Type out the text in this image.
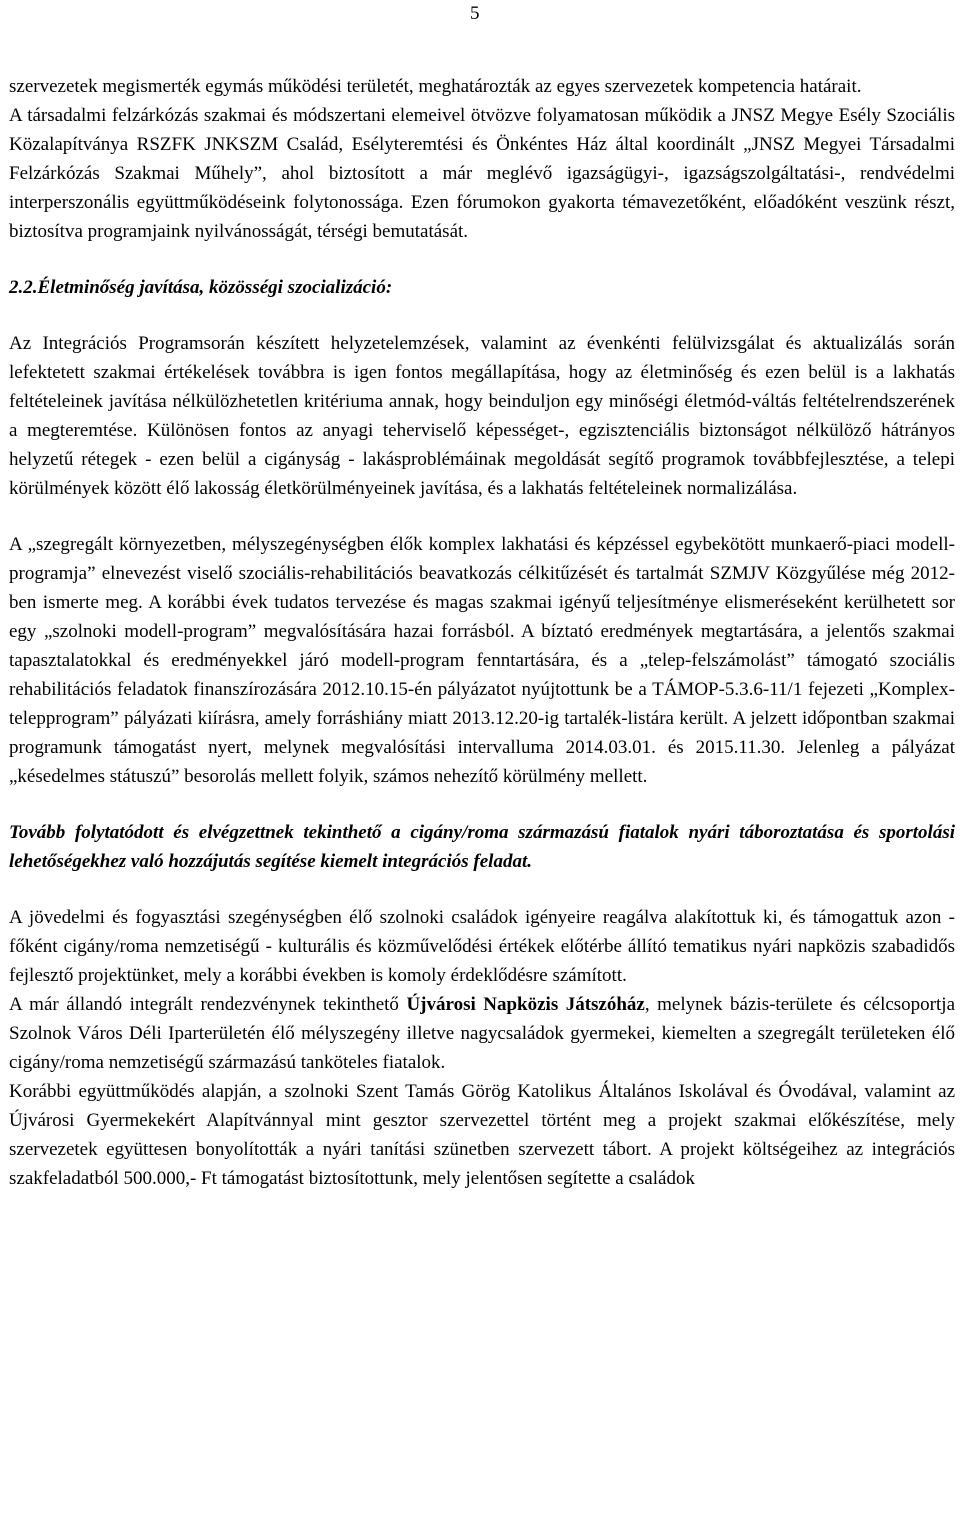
5

szervezetek megismerték egymás működési területét, meghatározták az egyes szervezetek kompetencia határait.

A társadalmi felzárkózás szakmai és módszertani elemeivel ötvözve folyamatosan működik a JNSZ Megye Esély Szociális Közalapítványa RSZFK JNKSZM Család, Esélyteremtési és Önkéntes Ház által koordinált „JNSZ Megyei Társadalmi Felzárkózás Szakmai Műhely”, ahol biztosított a már meglévő igazságügyi-, igazságszolgáltatási-, rendvédelmi interperszonális együttműködéseink folytonossága. Ezen fórumokon gyakorta témavezetőként, előadóként veszünk részt, biztosítva programjaink nyilvánosságát, térségi bemutatását.

2.2.Életminőség javítása, közösségi szocializáció:

Az Integrációs Programsorán készített helyzetelemzések, valamint az évenkénti felülvizsgálat és aktualizálás során lefektetett szakmai értékelések továbbra is igen fontos megállapítása, hogy az életminőség és ezen belül is a lakhatás feltételeinek javítása nélkülözhetetlen kritériuma annak, hogy beinduljon egy minőségi életmód-váltás feltételrendszerének a megteremtése. Különösen fontos az anyagi teherviselő képességet-, egzisztenciális biztonságot nélkülöző hátrányos helyzetű rétegek - ezen belül a cigányság - lakásproblémáinak megoldását segítő programok továbbfejlesztése, a telepi körülmények között élő lakosság életkörülményeinek javítása, és a lakhatás feltételeinek normalizálása.

A „szegregált környezetben, mélyszegénységben élők komplex lakhatási és képzéssel egybekötött munkaerő-piaci modell-programja” elnevezést viselő szociális-rehabilitációs beavatkozás célkitűzését és tartalmát SZMJV Közgyűlése még 2012-ben ismerte meg. A korábbi évek tudatos tervezése és magas szakmai igényű teljesítménye elismeréseként kerülhetett sor egy „szolnoki modell-program” megvalósítására hazai forrásból. A bíztató eredmények megtartására, a jelentős szakmai tapasztalatokkal és eredményekkel járó modell-program fenntartására, és a „telep-felszámolást” támogató szociális rehabilitációs feladatok finanszírozására 2012.10.15-én pályázatot nyújtottunk be a TÁMOP-5.3.6-11/1 fejezeti „Komplex-telepprogram” pályázati kiírásra, amely forráshiány miatt 2013.12.20-ig tartalék-listára került. A jelzett időpontban szakmai programunk támogatást nyert, melynek megvalósítási intervalluma 2014.03.01. és 2015.11.30. Jelenleg a pályázat „késedelmes státuszú” besorolás mellett folyik, számos nehezítő körülmény mellett.

Tovább folytatódott és elvégzettnek tekinthető a cigány/roma származású fiatalok nyári táboroztatása és sportolási lehetőségekhez való hozzájutás segítése kiemelt integrációs feladat.

A jövedelmi és fogyasztási szegénységben élő szolnoki családok igényeire reagálva alakítottuk ki, és támogattuk azon - főként cigány/roma nemzetiségű - kulturális és közművelődési értékek előtérbe állító tematikus nyári napközis szabadidős fejlesztő projektünket, mely a korábbi években is komoly érdeklődésre számított.

A már állandó integrált rendezvénynek tekinthető Újvárosi Napközis Játszóház, melynek bázis-területe és célcsoportja Szolnok Város Déli Iparterületén élő mélyszegény illetve nagycsaládok gyermekei, kiemelten a szegregált területeken élő cigány/roma nemzetiségű származású tanköteles fiatalok.

Korábbi együttműködés alapján, a szolnoki Szent Tamás Görög Katolikus Általános Iskolával és Óvodával, valamint az Újvárosi Gyermekekért Alapítvánnyal mint gesztor szervezettel történt meg a projekt szakmai előkészítése, mely szervezetek együttesen bonyolították a nyári tanítási szünetben szervezett tábort. A projekt költségeihez az integrációs szakfeladatból 500.000,- Ft támogatást biztosítottunk, mely jelentősen segítette a családok
